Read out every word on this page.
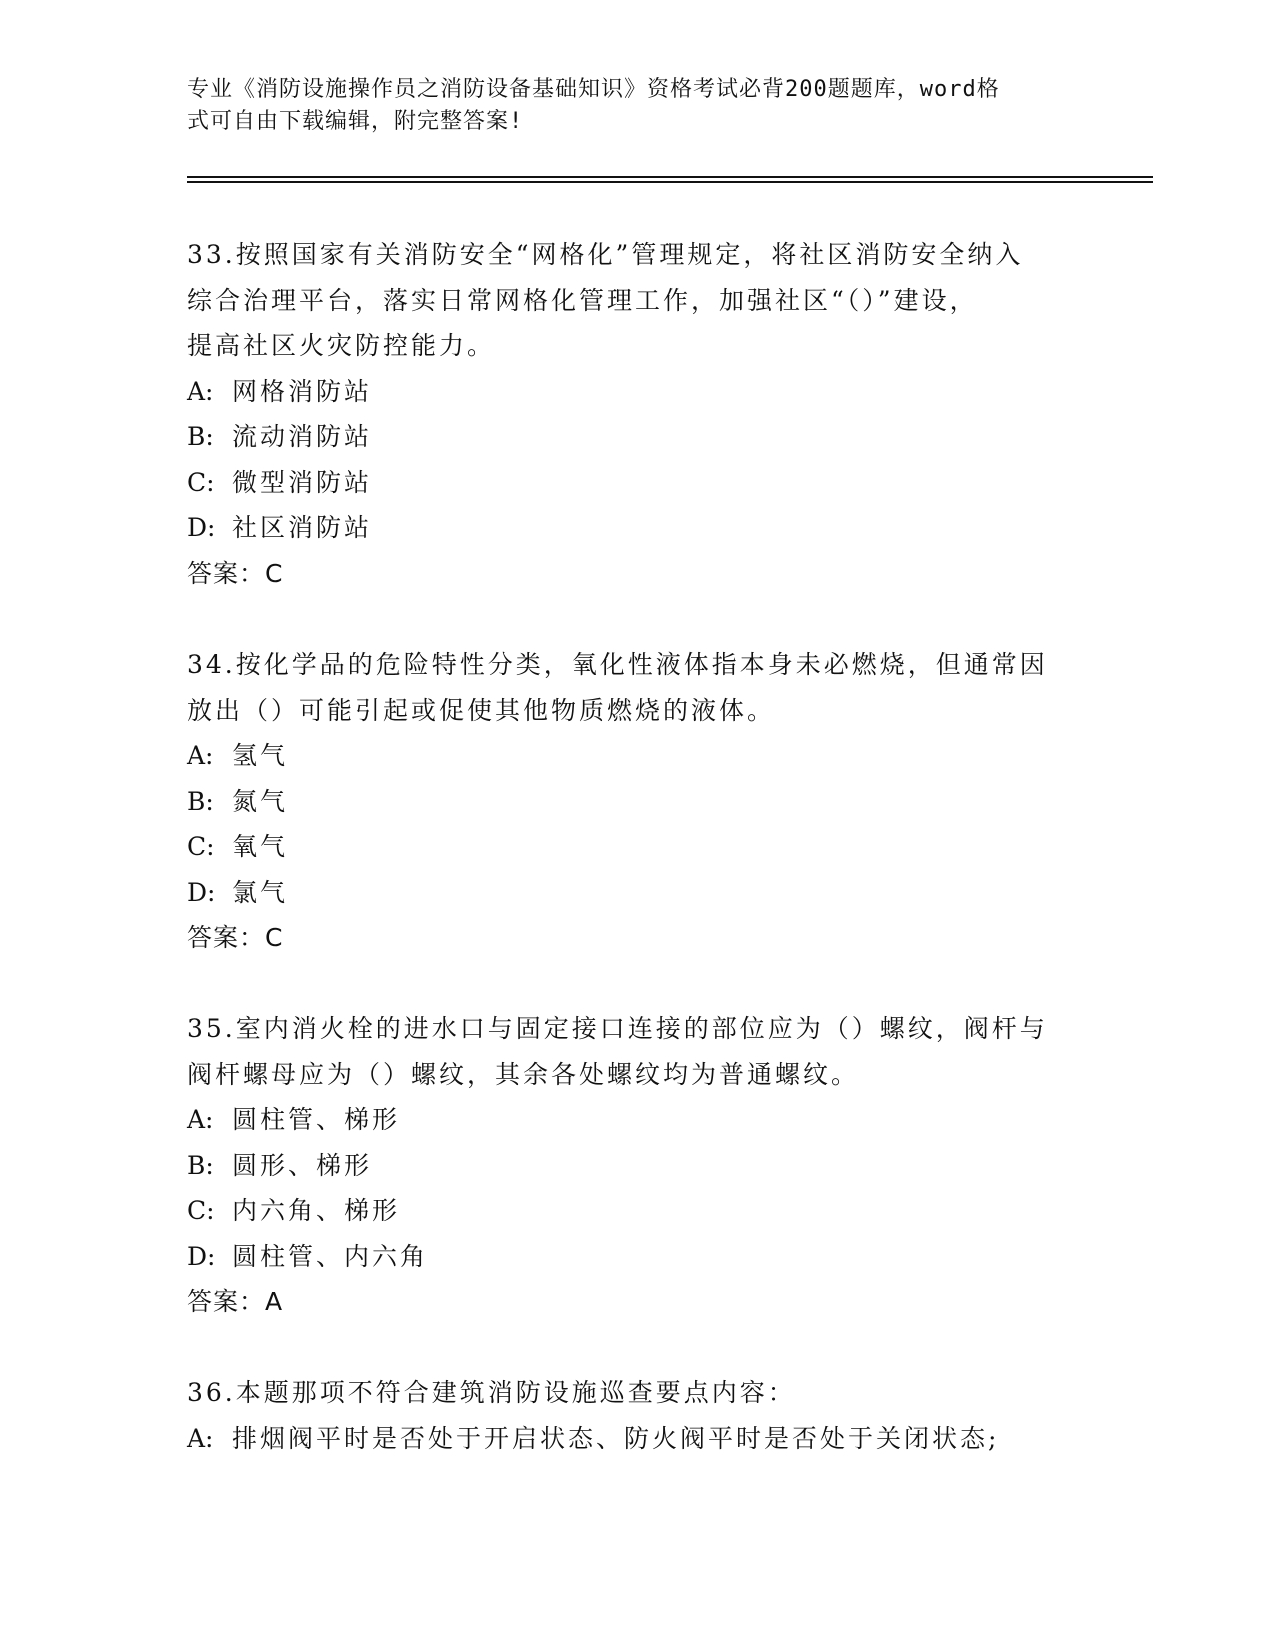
专业《消防设施操作员之消防设备基础知识》资格考试必背200题题库，word格
式可自由下载编辑，附完整答案!

33.按照国家有关消防安全“网格化”管理规定，将社区消防安全纳入

综合治理平台，落实日常网格化管理工作，加强社区“（）”建设，

提高社区火灾防控能力。

A: 网格消防站

B: 流动消防站

C: 微型消防站

D: 社区消防站

答案：C

34.按化学品的危险特性分类，氧化性液体指本身未必燃烧，但通常因

放出（）可能引起或促使其他物质燃烧的液体。

A: 氢气

B: 氮气

C: 氧气

D: 氯气

答案：C

35.室内消火栓的进水口与固定接口连接的部位应为（）螺纹，阀杆与

阀杆螺母应为（）螺纹，其余各处螺纹均为普通螺纹。

A: 圆柱管、梯形

B: 圆形、梯形

C: 内六角、梯形

D: 圆柱管、内六角

答案：A

36.本题那项不符合建筑消防设施巡查要点内容：

A: 排烟阀平时是否处于开启状态、防火阀平时是否处于关闭状态;
